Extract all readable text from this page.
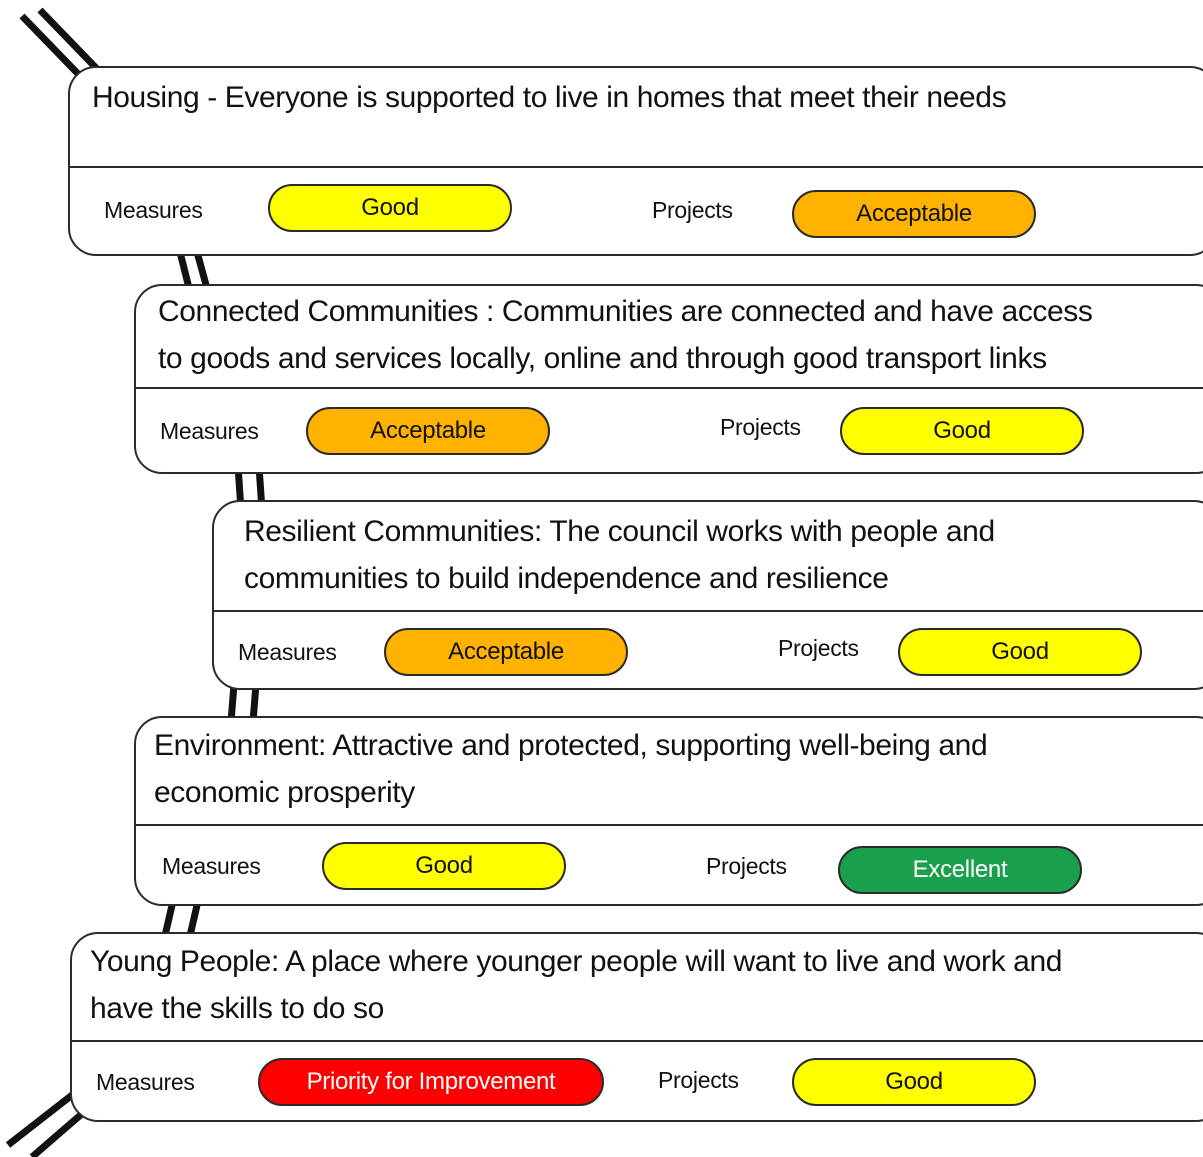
Housing - Everyone is supported to live in homes that meet their needs
Measures	Good	Projects	Acceptable
Connected Communities : Communities are connected and have access
to goods and services locally, online and through good transport links
Measures	Acceptable	Projects	Good
Resilient Communities: The council works with people and
communities to build independence and resilience
Measures	Acceptable	Projects	Good
Environment: Attractive and protected, supporting well-being and
economic prosperity
Measures	Good	Projects	Excellent
Young People: A place where younger people will want to live and work and
have the skills to do so
Measures	Priority for Improvement	Projects	Good
